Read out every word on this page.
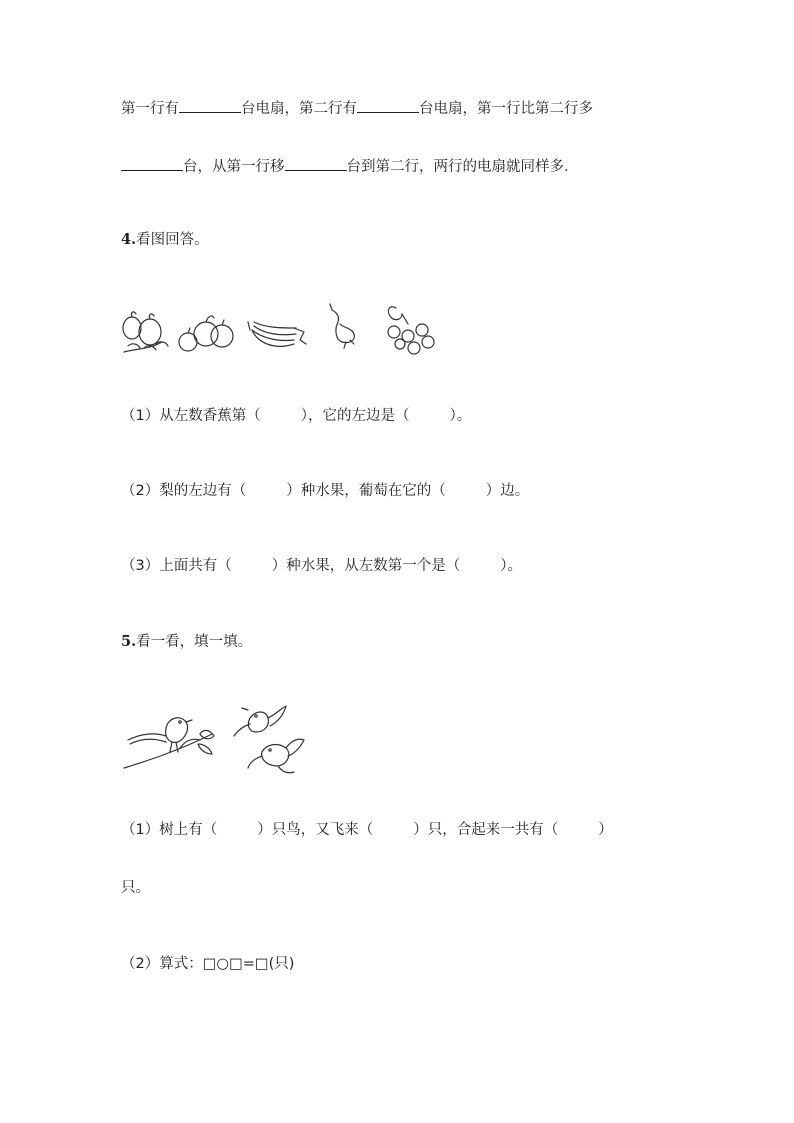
第一行有	台电扇，第二行有	台电扇，第一行比第二行多
台，从第一行移	台到第二行，两行的电扇就同样多.
4.看图回答。
（1）从左数香蕉第（	），它的左边是（	）。
（2）梨的左边有（	）种水果，葡萄在它的（	）边。
（3）上面共有（	）种水果，从左数第一个是（	）。
5.看一看，填一填。
（1）树上有（	）只鸟，又飞来（	）只，合起来一共有（	）
只。
（2）算式：□○□=□(只)
